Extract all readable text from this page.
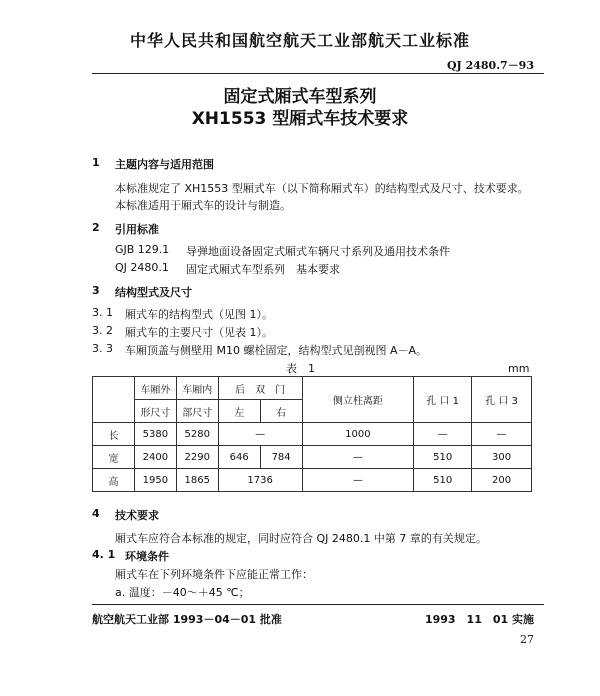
中华人民共和国航空航天工业部航天工业标准
QJ 2480.7－93
固定式厢式车型系列
XH1553 型厢式车技术要求
1 主题内容与适用范围
本标准规定了 XH1553 型厢式车（以下简称厢式车）的结构型式及尺寸、技术要求。
本标准适用于厢式车的设计与制造。
2 引用标准
GJB 129.1 导弹地面设备固定式厢式车辆尺寸系列及通用技术条件
QJ 2480.1 固定式厢式车型系列　基本要求
3 结构型式及尺寸
3. 1 厢式车的结构型式（见图 1）。
3. 2 厢式车的主要尺寸（见表 1）。
3. 3 车厢顶盖与侧壁用 M10 螺栓固定，结构型式见剖视图 A－A。
表　1	mm
	车厢外	车厢内	后　双　门		侧立柱离距	孔 口 1	孔 口 3
	形尺寸	部尺寸	左	右			
长	5380	5280	—		1000	—	—
宽	2400	2290	646	784	—	510	300
高	1950	1865	1736		—	510	200
4 技术要求
厢式车应符合本标准的规定，同时应符合 QJ 2480.1 中第 7 章的有关规定。
4. 1 环境条件
厢式车在下列环境条件下应能正常工作：
a. 温度：－40～＋45 ℃；
航空航天工业部 1993－04－01 批准	1993　11　01 实施
27
